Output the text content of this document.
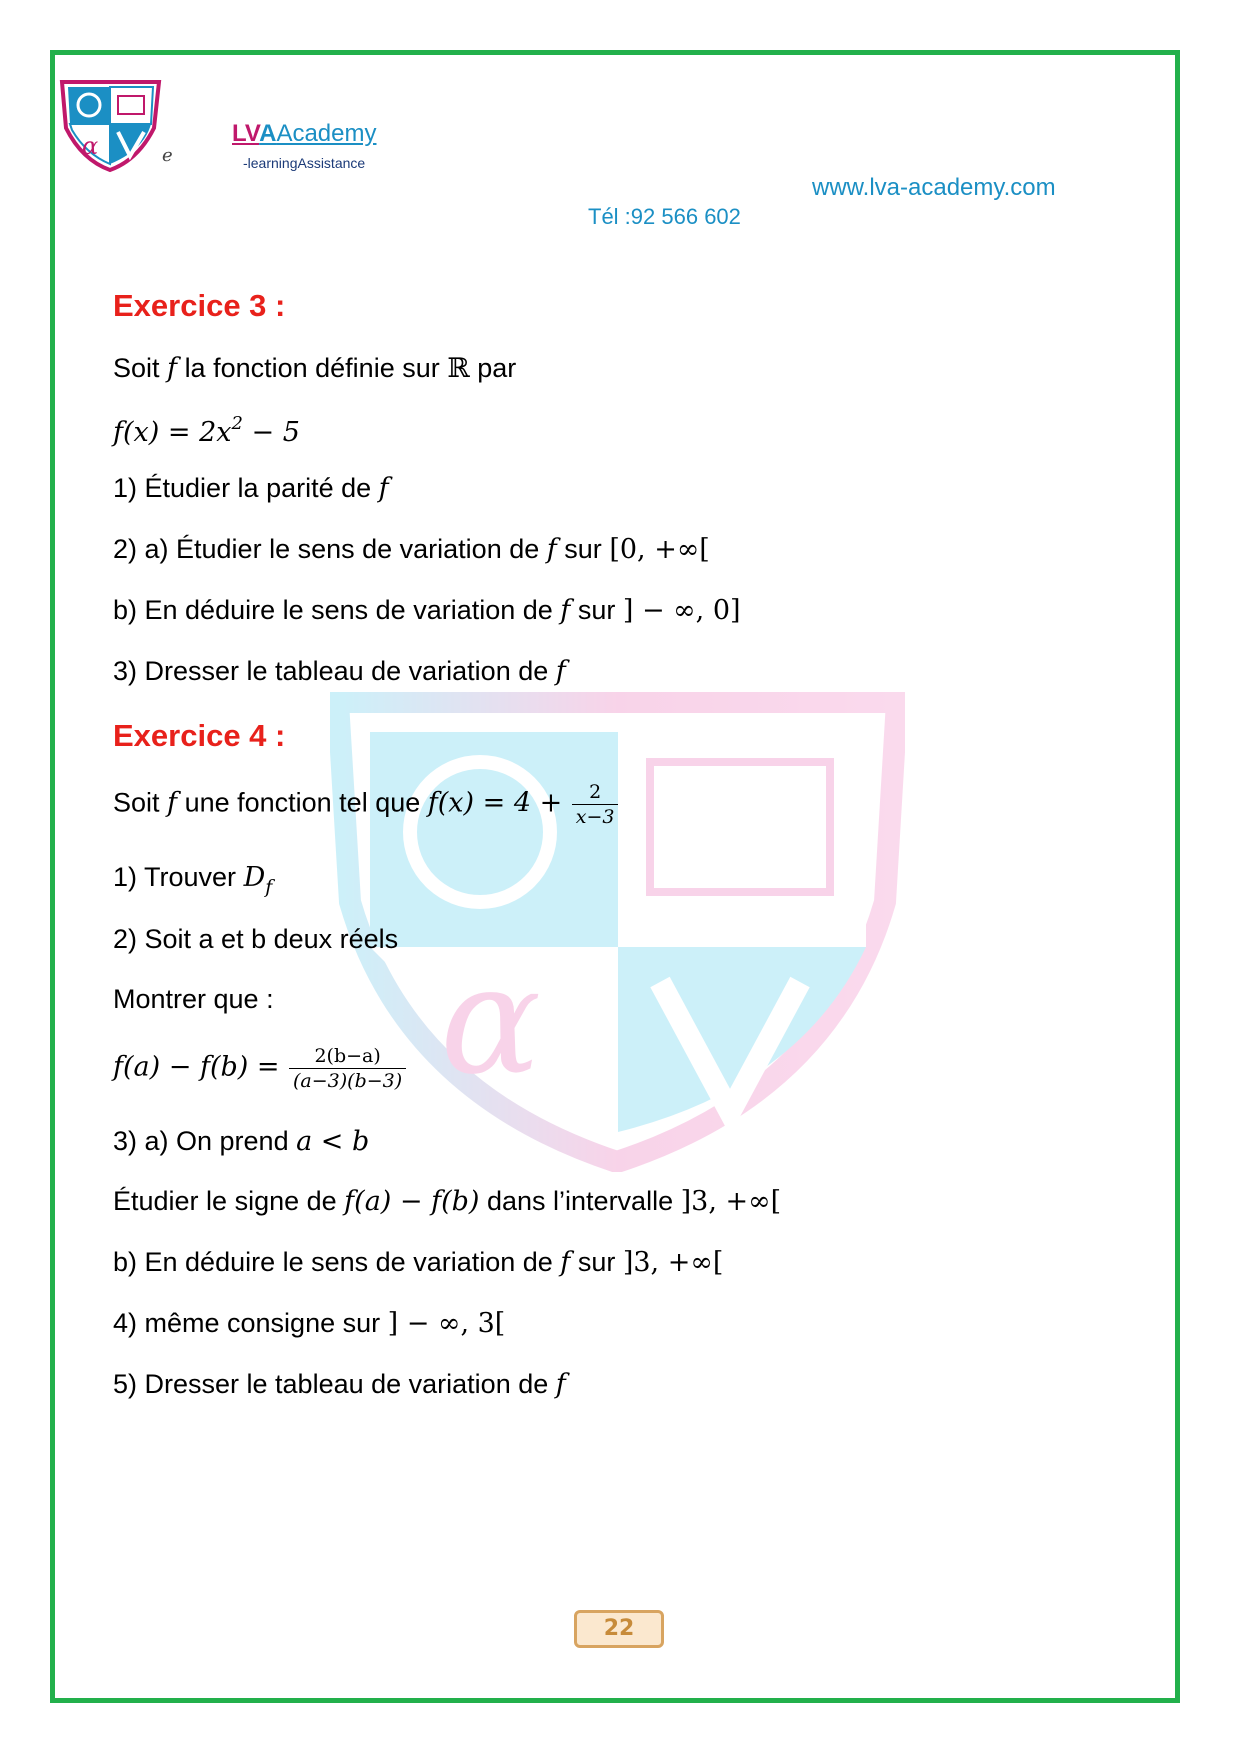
α	e
LVAAcademy
-learningAssistance
www.lva-academy.com
Tél :92 566 602
α
Exercice 3 :
Soit f la fonction définie sur ℝ par
$f(x) = 2x^2 - 5$
1) Étudier la parité de f
2) a) Étudier le sens de variation de f sur [0, +∞[
b) En déduire le sens de variation de f sur ] − ∞, 0]
3) Dresser le tableau de variation de f
Exercice 4 :
Soit f une fonction tel que $f(x) = 4 + \frac{2}{x-3}$
1) Trouver $D_f$
2) Soit a et b deux réels
Montrer que :
$f(a) - f(b) = \frac{2(b-a)}{(a-3)(b-3)}$
3) a) On prend a < b
Étudier le signe de f(a) − f(b) dans l’intervalle ]3, +∞[
b) En déduire le sens de variation de f sur ]3, +∞[
4) même consigne sur ] − ∞, 3[
5) Dresser le tableau de variation de f
22
